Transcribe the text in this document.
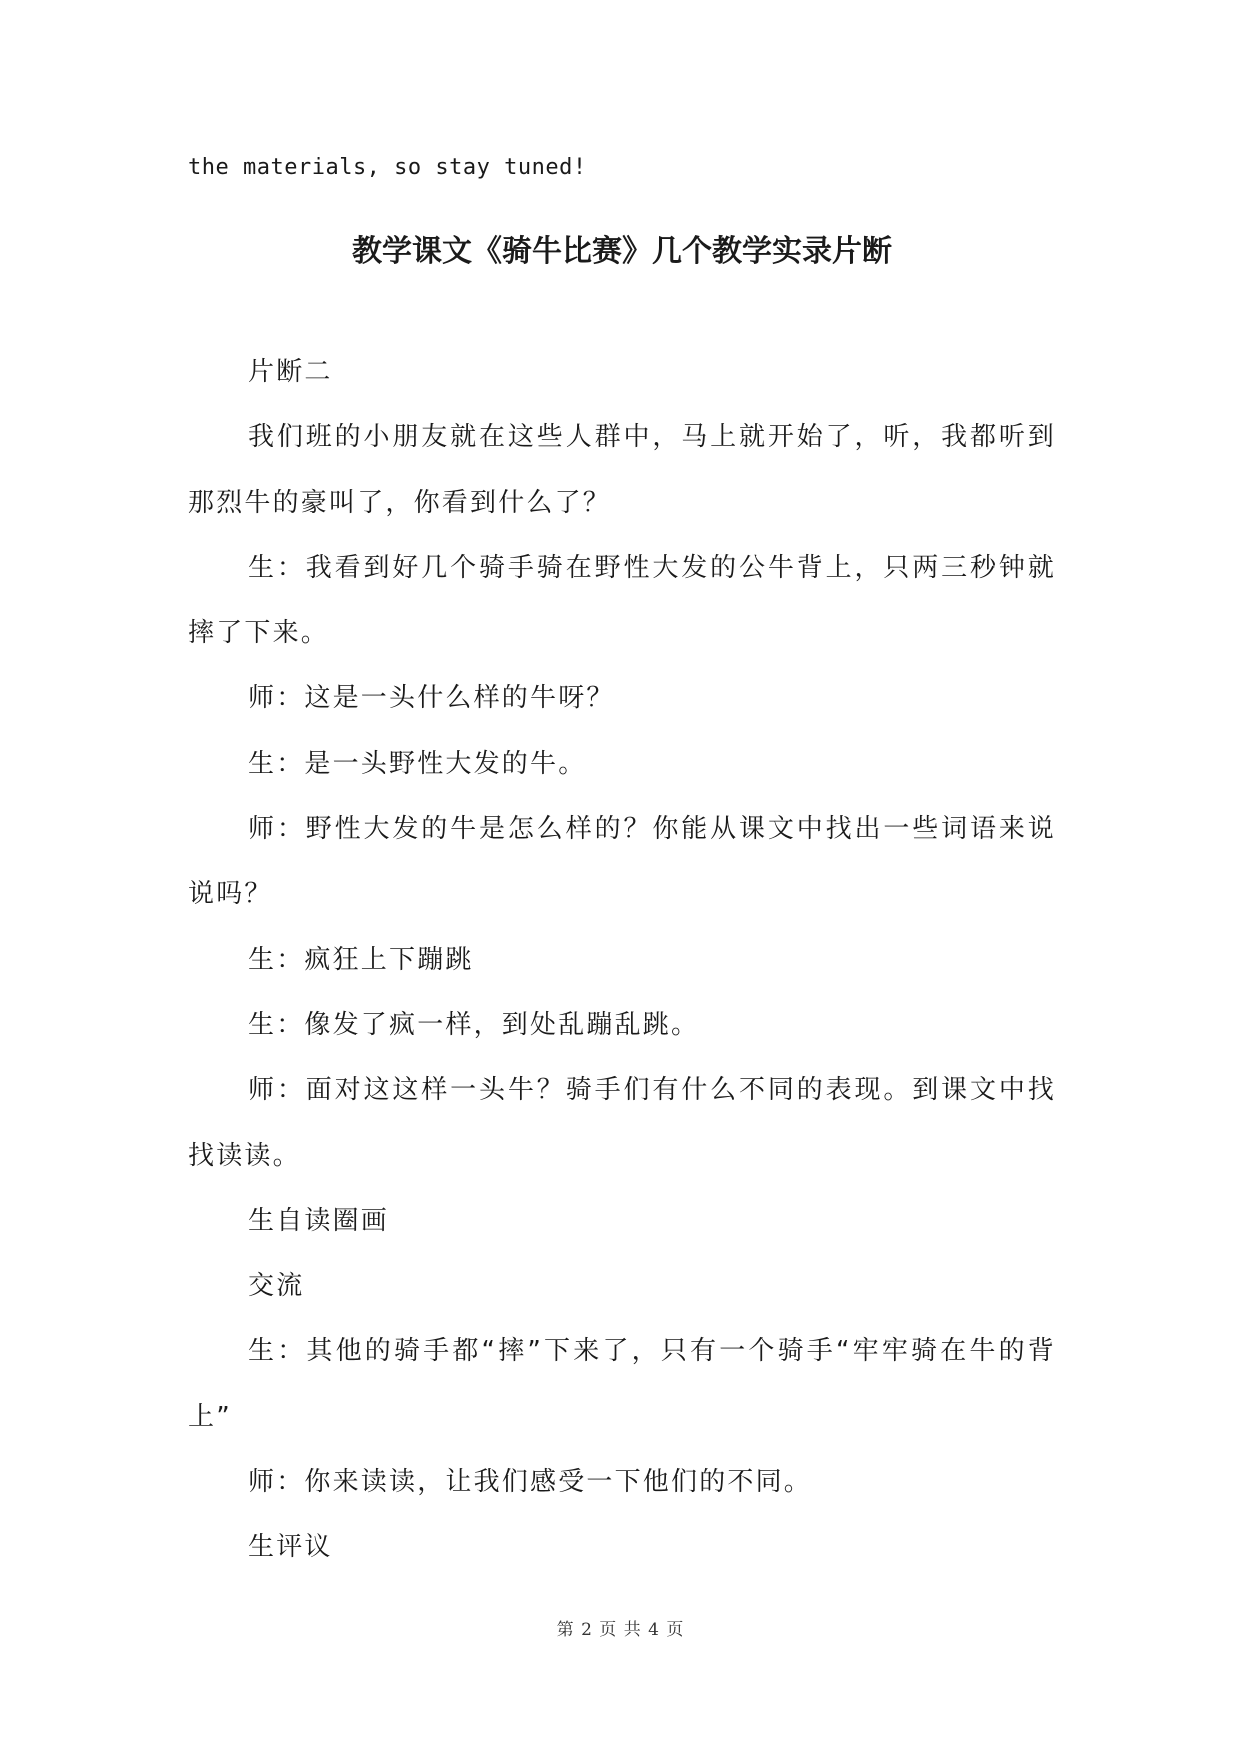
the materials, so stay tuned!
教学课文《骑牛比赛》几个教学实录片断

片断二

我们班的小朋友就在这些人群中，马上就开始了，听，我都听到那烈牛的豪叫了，你看到什么了？

生：我看到好几个骑手骑在野性大发的公牛背上，只两三秒钟就摔了下来。

师：这是一头什么样的牛呀？

生：是一头野性大发的牛。

师：野性大发的牛是怎么样的？你能从课文中找出一些词语来说说吗？

生：疯狂上下蹦跳

生：像发了疯一样，到处乱蹦乱跳。

师：面对这这样一头牛？骑手们有什么不同的表现。到课文中找找读读。

生自读圈画

交流

生：其他的骑手都“摔”下来了，只有一个骑手“牢牢骑在牛的背上”

师：你来读读，让我们感受一下他们的不同。

生评议

第 2 页 共 4 页
